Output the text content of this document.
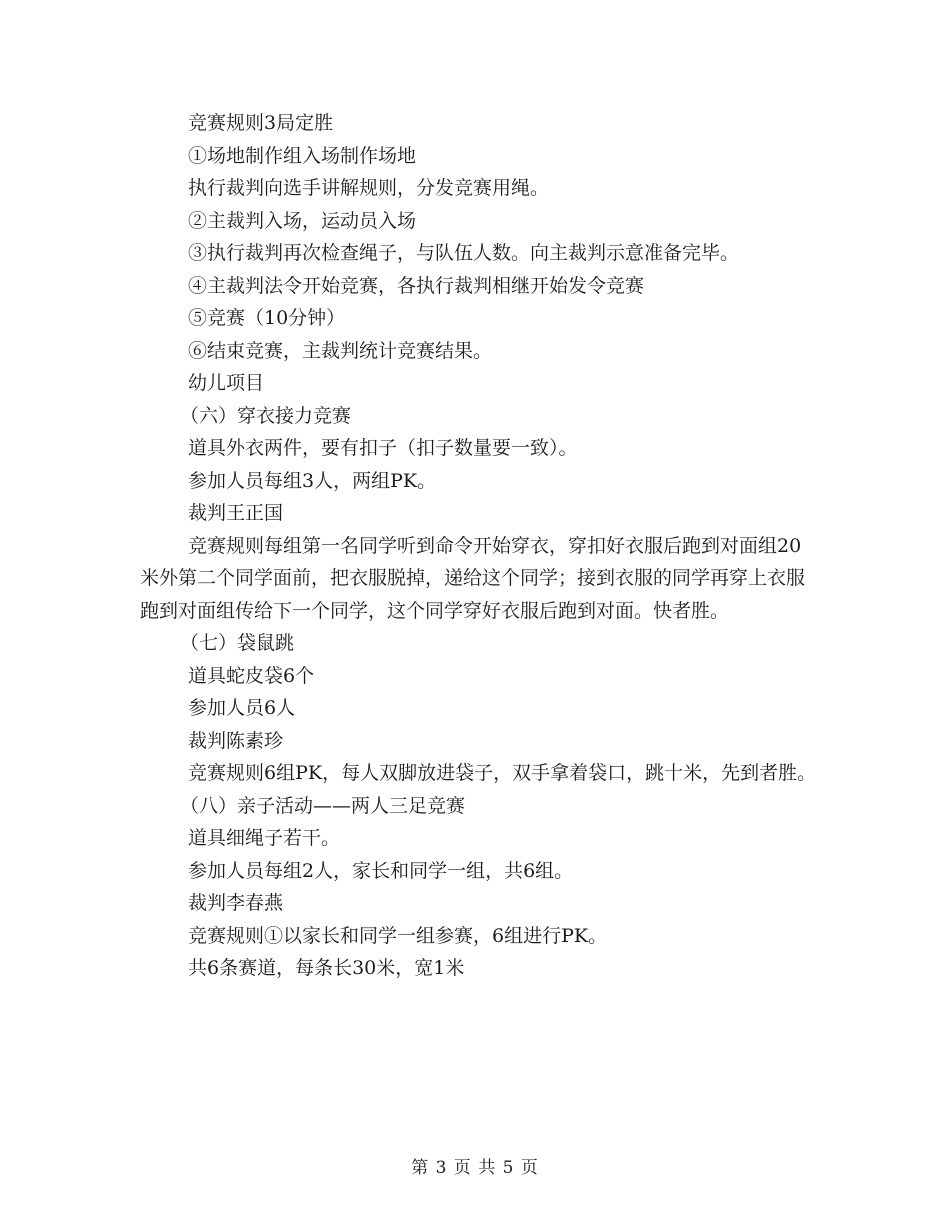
竞赛规则3局定胜

①场地制作组入场制作场地

执行裁判向选手讲解规则，分发竞赛用绳。

②主裁判入场，运动员入场

③执行裁判再次检查绳子，与队伍人数。向主裁判示意准备完毕。

④主裁判法令开始竞赛，各执行裁判相继开始发令竞赛

⑤竞赛（10分钟）

⑥结束竞赛，主裁判统计竞赛结果。

幼儿项目

（六）穿衣接力竞赛

道具外衣两件，要有扣子（扣子数量要一致）。

参加人员每组3人，两组PK。

裁判王正国

竞赛规则每组第一名同学听到命令开始穿衣，穿扣好衣服后跑到对面组20米外第二个同学面前，把衣服脱掉，递给这个同学；接到衣服的同学再穿上衣服跑到对面组传给下一个同学，这个同学穿好衣服后跑到对面。快者胜。

（七）袋鼠跳

道具蛇皮袋6个

参加人员6人

裁判陈素珍

竞赛规则6组PK，每人双脚放进袋子，双手拿着袋口，跳十米，先到者胜。

（八）亲子活动——两人三足竞赛

道具细绳子若干。

参加人员每组2人，家长和同学一组，共6组。

裁判李春燕

竞赛规则①以家长和同学一组参赛，6组进行PK。

共6条赛道，每条长30米，宽1米

第 3 页 共 5 页
